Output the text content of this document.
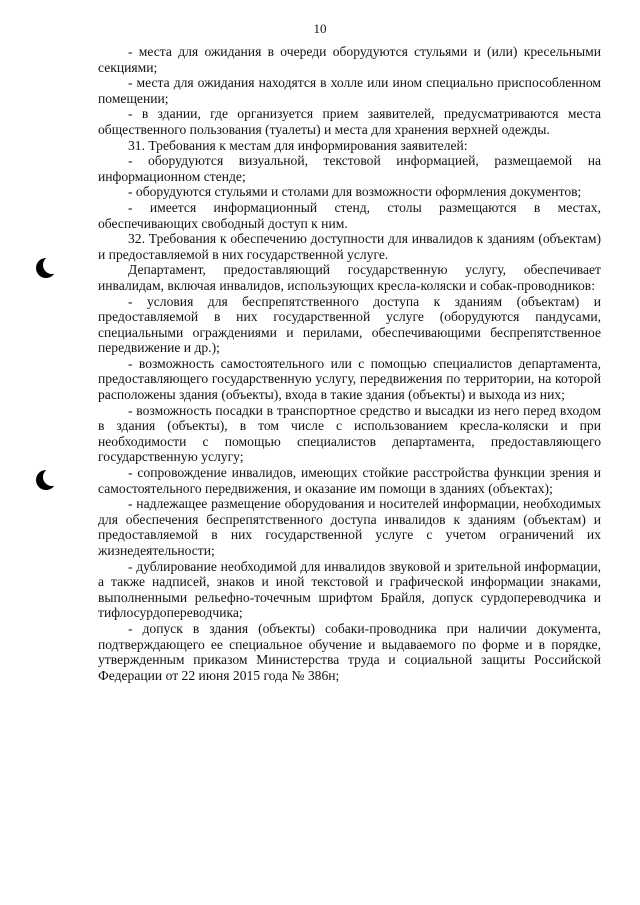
10

- места для ожидания в очереди оборудуются стульями и (или) кресельными секциями;

- места для ожидания находятся в холле или ином специально приспособленном помещении;

- в здании, где организуется прием заявителей, предусматриваются места общественного пользования (туалеты) и места для хранения верхней одежды.

31. Требования к местам для информирования заявителей:

- оборудуются визуальной, текстовой информацией, размещаемой на информационном стенде;

- оборудуются стульями и столами для возможности оформления документов;

- имеется информационный стенд, столы размещаются в местах, обеспечивающих свободный доступ к ним.

32. Требования к обеспечению доступности для инвалидов к зданиям (объектам) и предоставляемой в них государственной услуге.

Департамент, предоставляющий государственную услугу, обеспечивает инвалидам, включая инвалидов, использующих кресла-коляски и собак-проводников:

- условия для беспрепятственного доступа к зданиям (объектам) и предоставляемой в них государственной услуге (оборудуются пандусами, специальными ограждениями и перилами, обеспечивающими беспрепятственное передвижение и др.);

- возможность самостоятельного или с помощью специалистов департамента, предоставляющего государственную услугу, передвижения по территории, на которой расположены здания (объекты), входа в такие здания (объекты) и выхода из них;

- возможность посадки в транспортное средство и высадки из него перед входом в здания (объекты), в том числе с использованием кресла-коляски и при необходимости с помощью специалистов департамента, предоставляющего государственную услугу;

- сопровождение инвалидов, имеющих стойкие расстройства функции зрения и самостоятельного передвижения, и оказание им помощи в зданиях (объектах);

- надлежащее размещение оборудования и носителей информации, необходимых для обеспечения беспрепятственного доступа инвалидов к зданиям (объектам) и предоставляемой в них государственной услуге с учетом ограничений их жизнедеятельности;

- дублирование необходимой для инвалидов звуковой и зрительной информации, а также надписей, знаков и иной текстовой и графической информации знаками, выполненными рельефно-точечным шрифтом Брайля, допуск сурдопереводчика и тифлосурдопереводчика;

- допуск в здания (объекты) собаки-проводника при наличии документа, подтверждающего ее специальное обучение и выдаваемого по форме и в порядке, утвержденным приказом Министерства труда и социальной защиты Российской Федерации от 22 июня 2015 года № 386н;
